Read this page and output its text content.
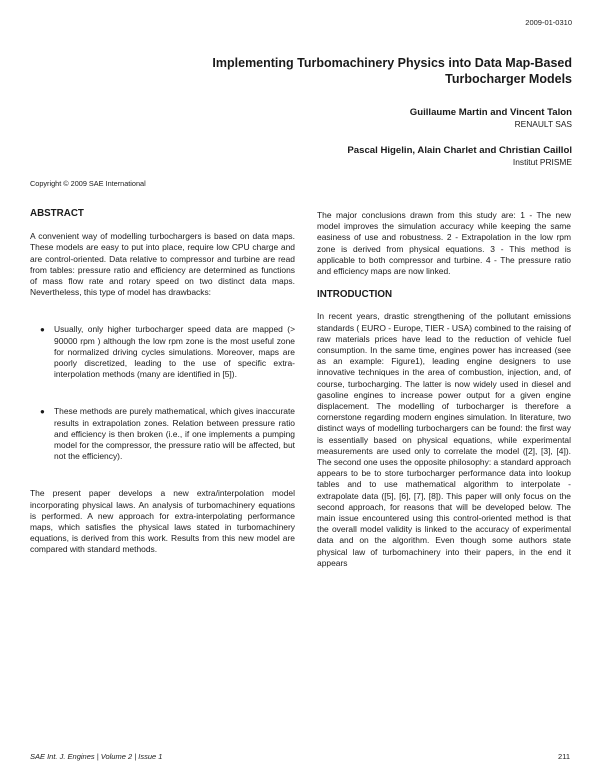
2009-01-0310
Implementing Turbomachinery Physics into Data Map-Based
Turbocharger Models
Guillaume Martin and Vincent Talon
RENAULT SAS
Pascal Higelin, Alain Charlet and Christian Caillol
Institut PRISME
Copyright © 2009 SAE International
ABSTRACT

A convenient way of modelling turbochargers is based on data maps. These models are easy to put into place, require low CPU charge and are control-oriented. Data relative to compressor and turbine are read from tables: pressure ratio and efficiency are determined as functions of mass flow rate and rotary speed on two distinct data maps. Nevertheless, this type of model has drawbacks:

● Usually, only higher turbocharger speed data are mapped (> 90000 rpm ) although the low rpm zone is the most useful zone for normalized driving cycles simulations. Moreover, maps are poorly discretized, leading to the use of specific extra-interpolation methods (many are identified in [5]).
● These methods are purely mathematical, which gives inaccurate results in extrapolation zones. Relation between pressure ratio and efficiency is then broken (i.e., if one implements a pumping model for the compressor, the pressure ratio will be affected, but not the efficiency).

The present paper develops a new extra/interpolation model incorporating physical laws. An analysis of turbomachinery equations is performed. A new approach for extra-interpolating performance maps, which satisfies the physical laws stated in turbomachinery equations, is derived from this work. Results from this new model are compared with standard methods.

The major conclusions drawn from this study are: 1 - The new model improves the simulation accuracy while keeping the same easiness of use and robustness. 2 - Extrapolation in the low rpm zone is derived from physical equations. 3 - This method is applicable to both compressor and turbine. 4 - The pressure ratio and efficiency maps are now linked.

INTRODUCTION

In recent years, drastic strengthening of the pollutant emissions standards ( EURO - Europe, TIER - USA) combined to the raising of raw materials prices have lead to the reduction of vehicle fuel consumption. In the same time, engines power has increased (see as an example: Figure1), leading engine designers to use innovative techniques in the area of combustion, injection, and, of course, turbocharging. The latter is now widely used in diesel and gasoline engines to increase power output for a given engine displacement. The modelling of turbocharger is therefore a cornerstone regarding modern engines simulation. In literature, two distinct ways of modelling turbochargers can be found: the first way is essentially based on physical equations, while experimental measurements are used only to correlate the model ([2], [3], [4]). The second one uses the opposite philosophy: a standard approach appears to be to store turbocharger performance data into lookup tables and to use mathematical algorithm to interpolate - extrapolate data ([5], [6], [7], [8]). This paper will only focus on the second approach, for reasons that will be developed below. The main issue encountered using this control-oriented method is that the overall model validity is linked to the accuracy of experimental data and on the algorithm. Even though some authors state physical law of turbomachinery into their papers, in the end it appears

SAE Int. J. Engines | Volume 2 | Issue 1	211
